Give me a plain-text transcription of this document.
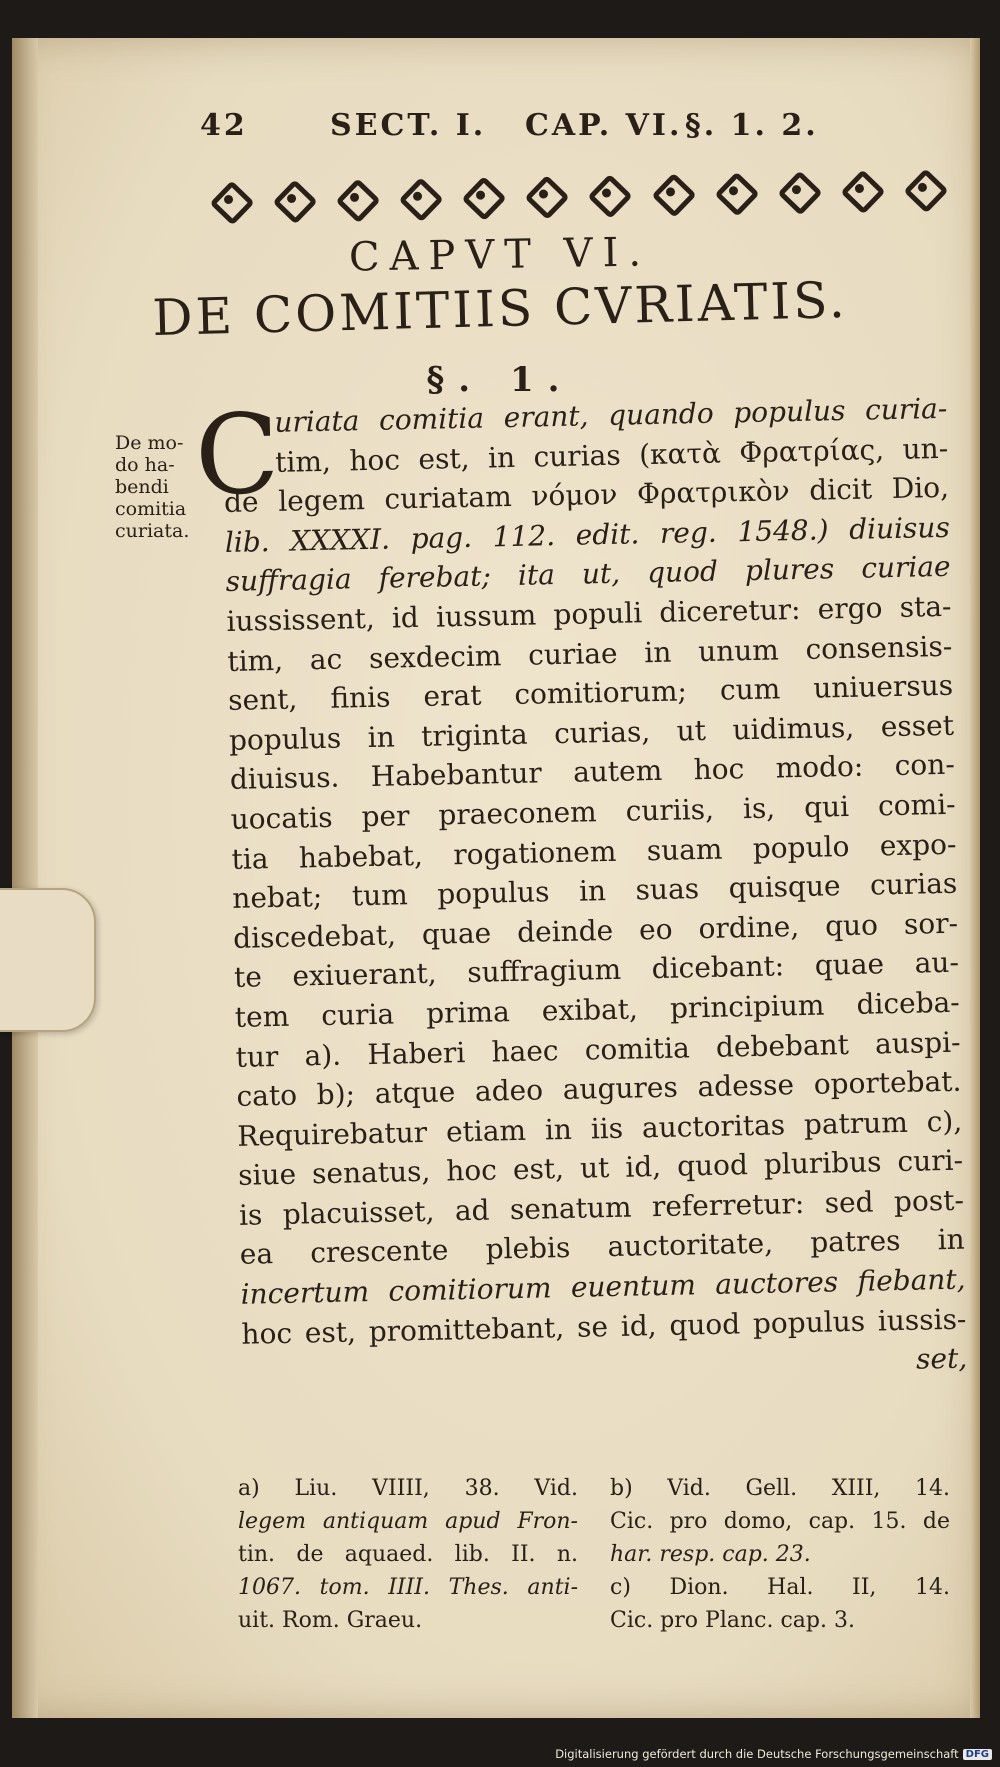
42	SECT. I. CAP. VI. §. 1. 2.
CAPVT VI.
DE COMITIIS CVRIATIS.
§. 1.
De mo-
do ha-
bendi
comitia
curiata.
C
uriata comitia erant, quando populus curia-
tim, hoc est, in curias (κατὰ Φρατρίας, un-
de legem curiatam νόμον Φρατρικὸν dicit Dio,
lib. XXXXI. pag. 112. edit. reg. 1548.) diuisus
suffragia ferebat; ita ut, quod plures curiae
iussissent, id iussum populi diceretur: ergo sta-
tim, ac sexdecim curiae in unum consensis-
sent, finis erat comitiorum; cum uniuersus
populus in triginta curias, ut uidimus, esset
diuisus. Habebantur autem hoc modo: con-
uocatis per praeconem curiis, is, qui comi-
tia habebat, rogationem suam populo expo-
nebat; tum populus in suas quisque curias
discedebat, quae deinde eo ordine, quo sor-
te exiuerant, suffragium dicebant: quae au-
tem curia prima exibat, principium diceba-
tur a). Haberi haec comitia debebant auspi-
cato b); atque adeo augures adesse oportebat.
Requirebatur etiam in iis auctoritas patrum c),
siue senatus, hoc est, ut id, quod pluribus curi-
is placuisset, ad senatum referretur: sed post-
ea crescente plebis auctoritate, patres in
incertum comitiorum euentum auctores fiebant,
hoc est, promittebant, se id, quod populus iussis-
set,
a) Liu. VIIII, 38. Vid.
legem antiquam apud Fron-
tin. de aquaed. lib. II. n.
1067. tom. IIII. Thes. anti-
uit. Rom. Graeu.
b) Vid. Gell. XIII, 14.
Cic. pro domo, cap. 15. de
har. resp. cap. 23.
c) Dion. Hal. II, 14.
Cic. pro Planc. cap. 3.
Digitalisierung gefördert durch die Deutsche Forschungsgemeinschaft DFG
